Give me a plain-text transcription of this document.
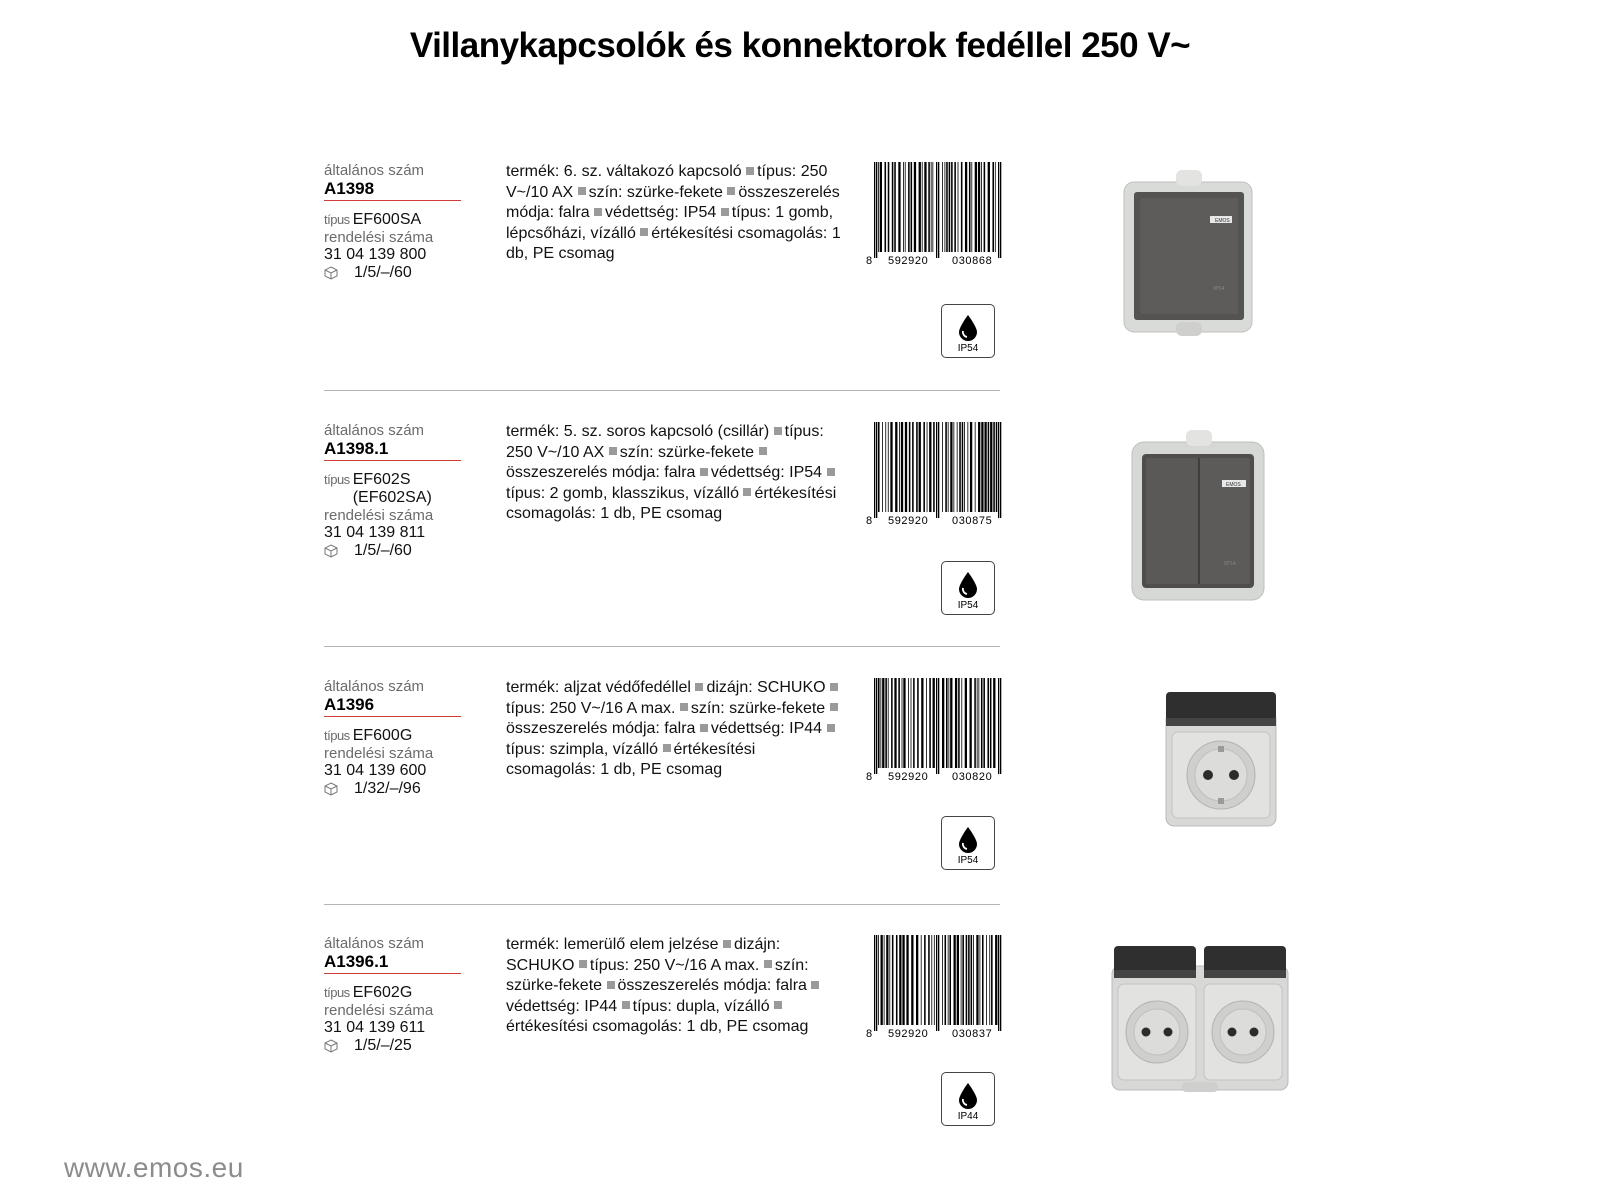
Villanykapcsolók és konnektorok fedéllel 250 V~
általános szám
A1398
típus EF600SA
rendelési száma
31 04 139 800
1/5/–/60
termék: 6. sz. váltakozó kapcsoló típus: 250 V~/10 AX szín: szürke-fekete összeszerelés módja: falra védettség: IP54 típus: 1 gomb, lépcsőházi, vízálló értékesítési csomagolás: 1 db, PE csomag	8 592920 030868
általános szám
A1398.1
típus EF602S (EF602SA)
rendelési száma
31 04 139 811
1/5/–/60
termék: 5. sz. soros kapcsoló (csillár) típus: 250 V~/10 AX szín: szürke-fekete összeszerelés módja: falra védettség: IP54 típus: 2 gomb, klasszikus, vízálló értékesítési csomagolás: 1 db, PE csomag	8 592920 030875
általános szám
A1396
típus EF600G
rendelési száma
31 04 139 600
1/32/–/96
termék: aljzat védőfedéllel dizájn: SCHUKO típus: 250 V~/16 A max. szín: szürke-fekete összeszerelés módja: falra védettség: IP44 típus: szimpla, vízálló értékesítési csomagolás: 1 db, PE csomag	8 592920 030820
általános szám
A1396.1
típus EF602G
rendelési száma
31 04 139 611
1/5/–/25
termék: lemerülő elem jelzése dizájn: SCHUKO típus: 250 V~/16 A max. szín: szürke-fekete összeszerelés módja: falra védettség: IP44 típus: dupla, vízálló értékesítési csomagolás: 1 db, PE csomag	8 592920 030837
www.emos.eu
IP54
EMOS
IP54
IP54
EMOS
IP54
IP54
IP44
